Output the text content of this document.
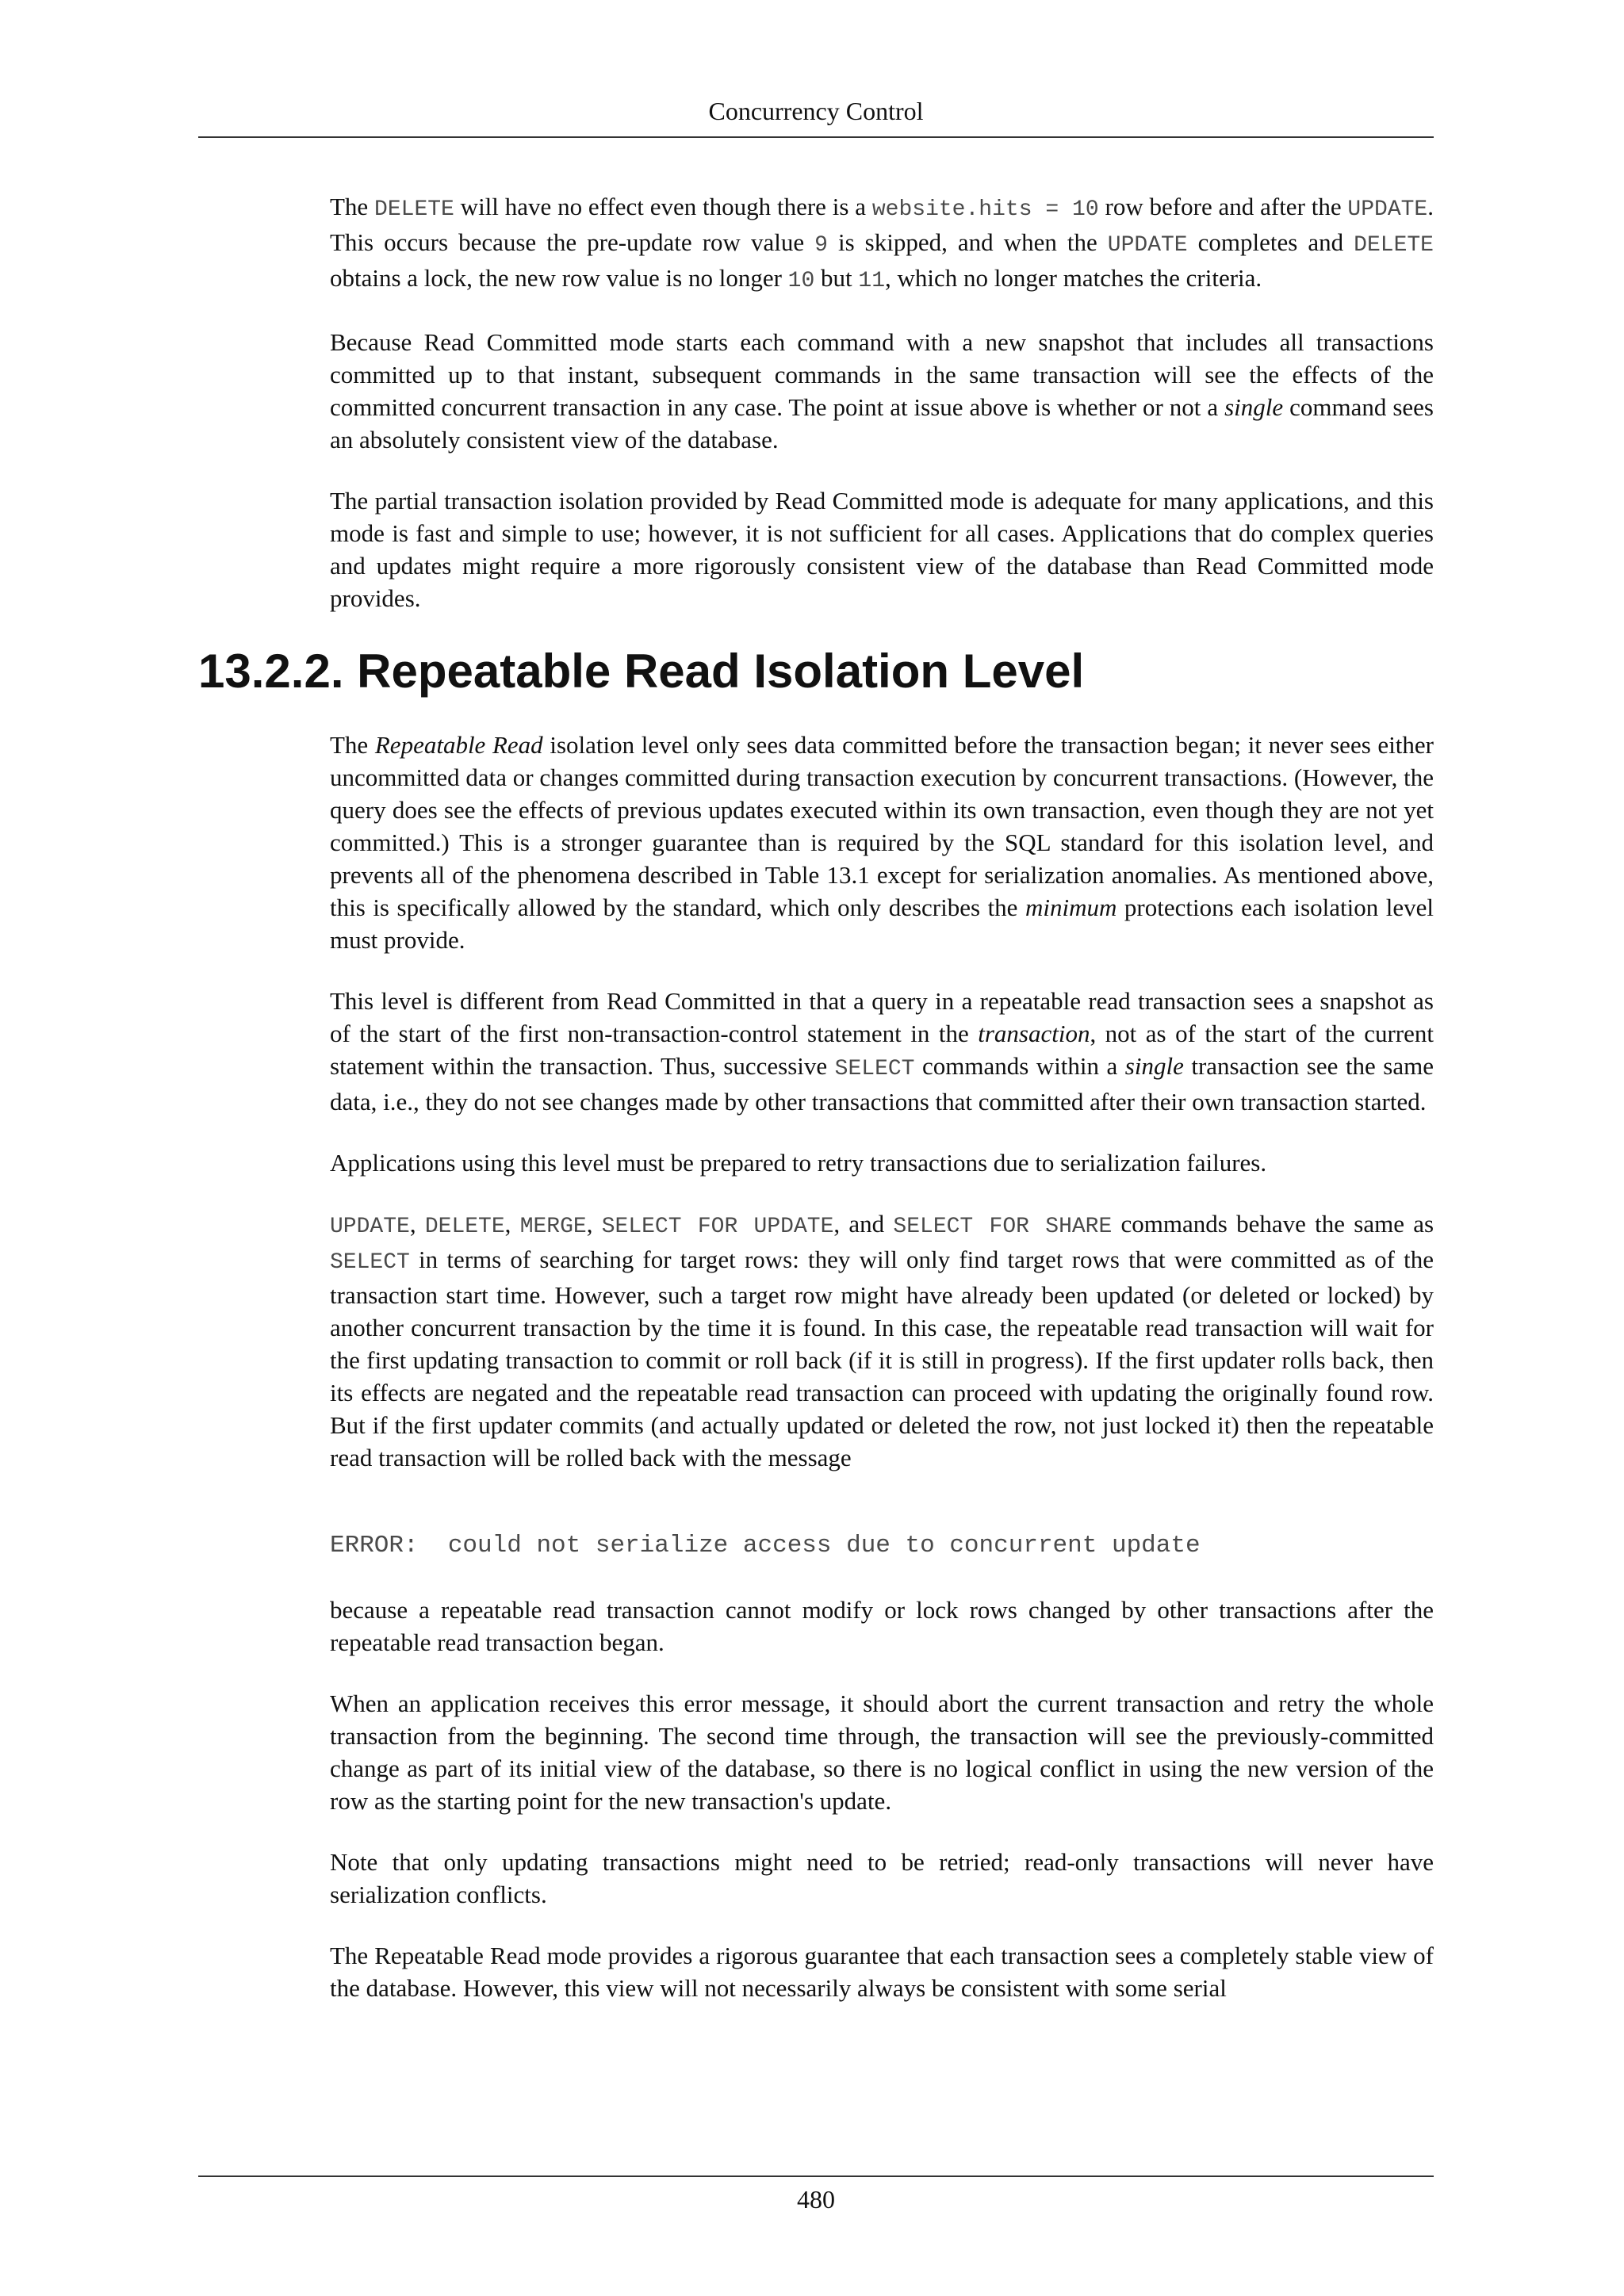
Concurrency Control

The DELETE will have no effect even though there is a website.hits = 10 row before and after the UPDATE. This occurs because the pre-update row value 9 is skipped, and when the UPDATE completes and DELETE obtains a lock, the new row value is no longer 10 but 11, which no longer matches the criteria.

Because Read Committed mode starts each command with a new snapshot that includes all transactions committed up to that instant, subsequent commands in the same transaction will see the effects of the committed concurrent transaction in any case. The point at issue above is whether or not a single command sees an absolutely consistent view of the database.

The partial transaction isolation provided by Read Committed mode is adequate for many applications, and this mode is fast and simple to use; however, it is not sufficient for all cases. Applications that do complex queries and updates might require a more rigorously consistent view of the database than Read Committed mode provides.

13.2.2. Repeatable Read Isolation Level

The Repeatable Read isolation level only sees data committed before the transaction began; it never sees either uncommitted data or changes committed during transaction execution by concurrent transactions. (However, the query does see the effects of previous updates executed within its own transaction, even though they are not yet committed.) This is a stronger guarantee than is required by the SQL standard for this isolation level, and prevents all of the phenomena described in Table 13.1 except for serialization anomalies. As mentioned above, this is specifically allowed by the standard, which only describes the minimum protections each isolation level must provide.

This level is different from Read Committed in that a query in a repeatable read transaction sees a snapshot as of the start of the first non-transaction-control statement in the transaction, not as of the start of the current statement within the transaction. Thus, successive SELECT commands within a single transaction see the same data, i.e., they do not see changes made by other transactions that committed after their own transaction started.

Applications using this level must be prepared to retry transactions due to serialization failures.

UPDATE, DELETE, MERGE, SELECT FOR UPDATE, and SELECT FOR SHARE commands behave the same as SELECT in terms of searching for target rows: they will only find target rows that were committed as of the transaction start time. However, such a target row might have already been updated (or deleted or locked) by another concurrent transaction by the time it is found. In this case, the repeatable read transaction will wait for the first updating transaction to commit or roll back (if it is still in progress). If the first updater rolls back, then its effects are negated and the repeatable read transaction can proceed with updating the originally found row. But if the first updater commits (and actually updated or deleted the row, not just locked it) then the repeatable read transaction will be rolled back with the message

ERROR:  could not serialize access due to concurrent update

because a repeatable read transaction cannot modify or lock rows changed by other transactions after the repeatable read transaction began.

When an application receives this error message, it should abort the current transaction and retry the whole transaction from the beginning. The second time through, the transaction will see the previously-committed change as part of its initial view of the database, so there is no logical conflict in using the new version of the row as the starting point for the new transaction's update.

Note that only updating transactions might need to be retried; read-only transactions will never have serialization conflicts.

The Repeatable Read mode provides a rigorous guarantee that each transaction sees a completely stable view of the database. However, this view will not necessarily always be consistent with some serial

480
